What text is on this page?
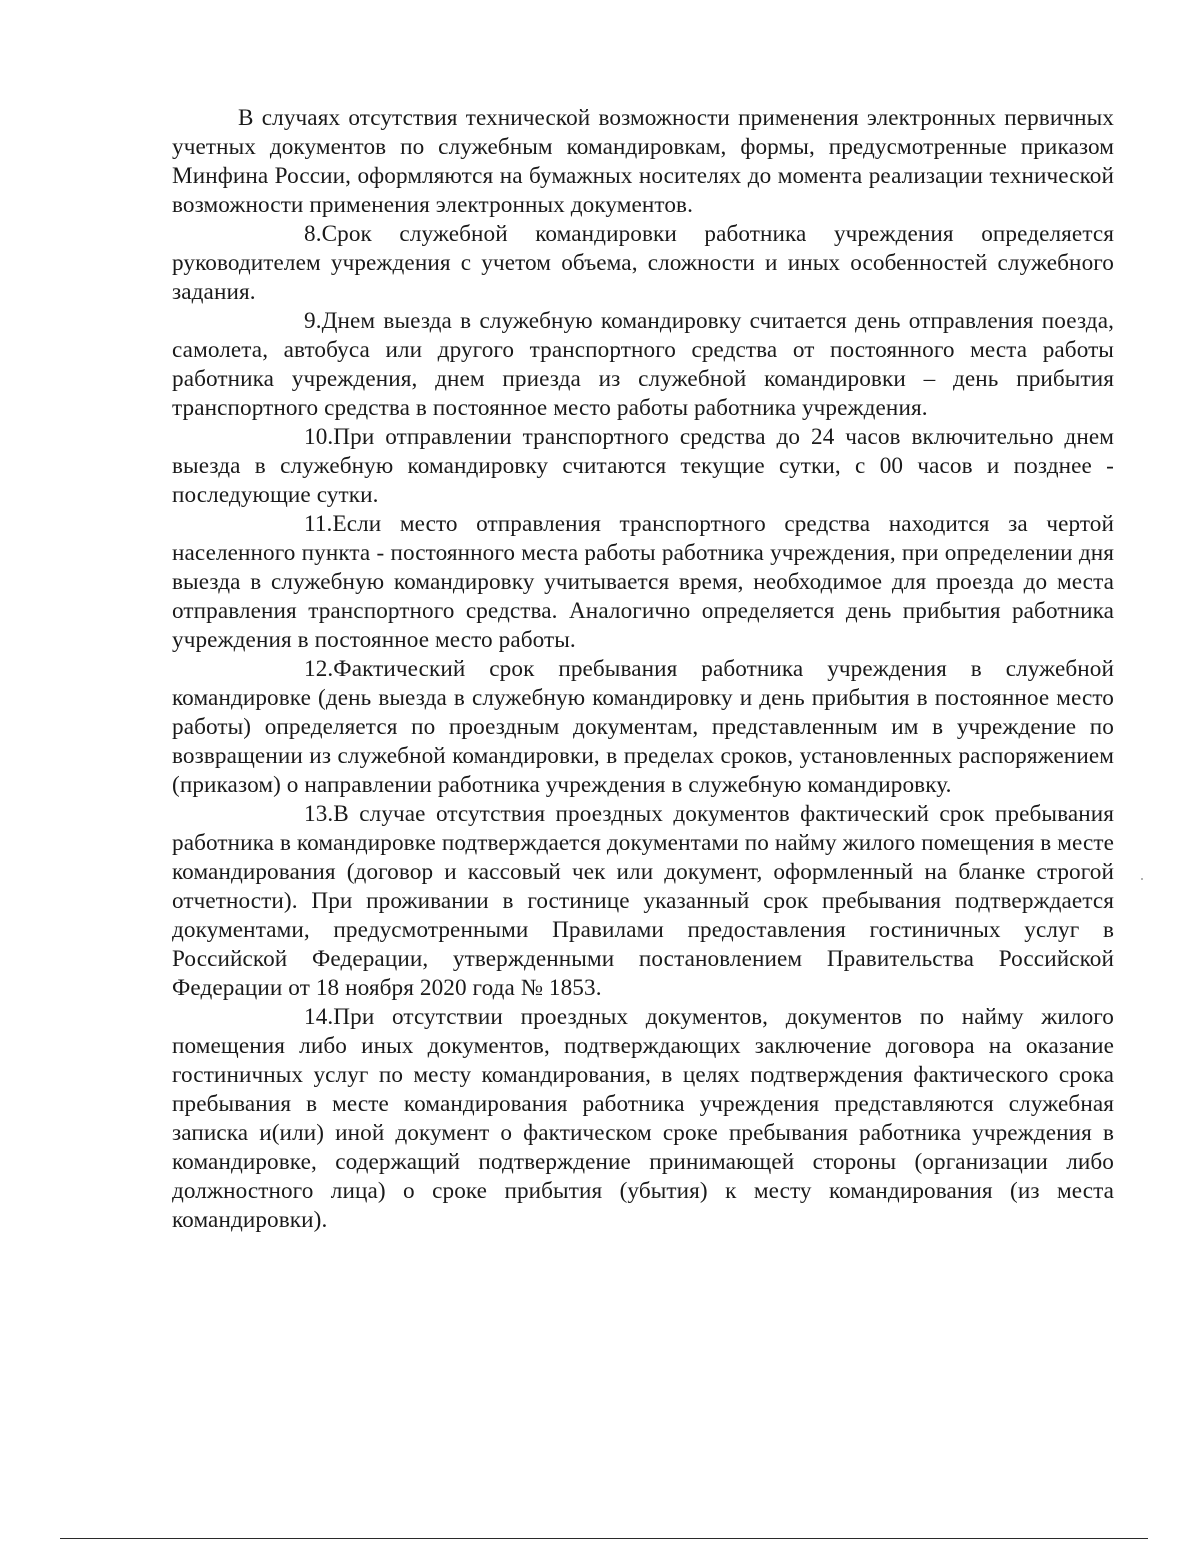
В случаях отсутствия технической возможности применения электронных первичных учетных документов по служебным командировкам, формы, предусмотренные приказом Минфина России, оформляются на бумажных носителях до момента реализации технической возможности применения электронных документов.

8.Срок служебной командировки работника учреждения определяется руководителем учреждения с учетом объема, сложности и иных особенностей служебного задания.

9.Днем выезда в служебную командировку считается день отправления поезда, самолета, автобуса или другого транспортного средства от постоянного места работы работника учреждения, днем приезда из служебной командировки – день прибытия транспортного средства в постоянное место работы работника учреждения.

10.При отправлении транспортного средства до 24 часов включительно днем выезда в служебную командировку считаются текущие сутки, с 00 часов и позднее - последующие сутки.

11.Если место отправления транспортного средства находится за чертой населенного пункта - постоянного места работы работника учреждения, при определении дня выезда в служебную командировку учитывается время, необходимое для проезда до места отправления транспортного средства. Аналогично определяется день прибытия работника учреждения в постоянное место работы.

12.Фактический срок пребывания работника учреждения в служебной командировке (день выезда в служебную командировку и день прибытия в постоянное место работы) определяется по проездным документам, представленным им в учреждение по возвращении из служебной командировки, в пределах сроков, установленных распоряжением (приказом) о направлении работника учреждения в служебную командировку.

13.В случае отсутствия проездных документов фактический срок пребывания работника в командировке подтверждается документами по найму жилого помещения в месте командирования (договор и кассовый чек или документ, оформленный на бланке строгой отчетности). При проживании в гостинице указанный срок пребывания подтверждается документами, предусмотренными Правилами предоставления гостиничных услуг в Российской Федерации, утвержденными постановлением Правительства Российской Федерации от 18 ноября 2020 года № 1853.

14.При отсутствии проездных документов, документов по найму жилого помещения либо иных документов, подтверждающих заключение договора на оказание гостиничных услуг по месту командирования, в целях подтверждения фактического срока пребывания в месте командирования работника учреждения представляются служебная записка и(или) иной документ о фактическом сроке пребывания работника учреждения в командировке, содержащий подтверждение принимающей стороны (организации либо должностного лица) о сроке прибытия (убытия) к месту командирования (из места командировки).
